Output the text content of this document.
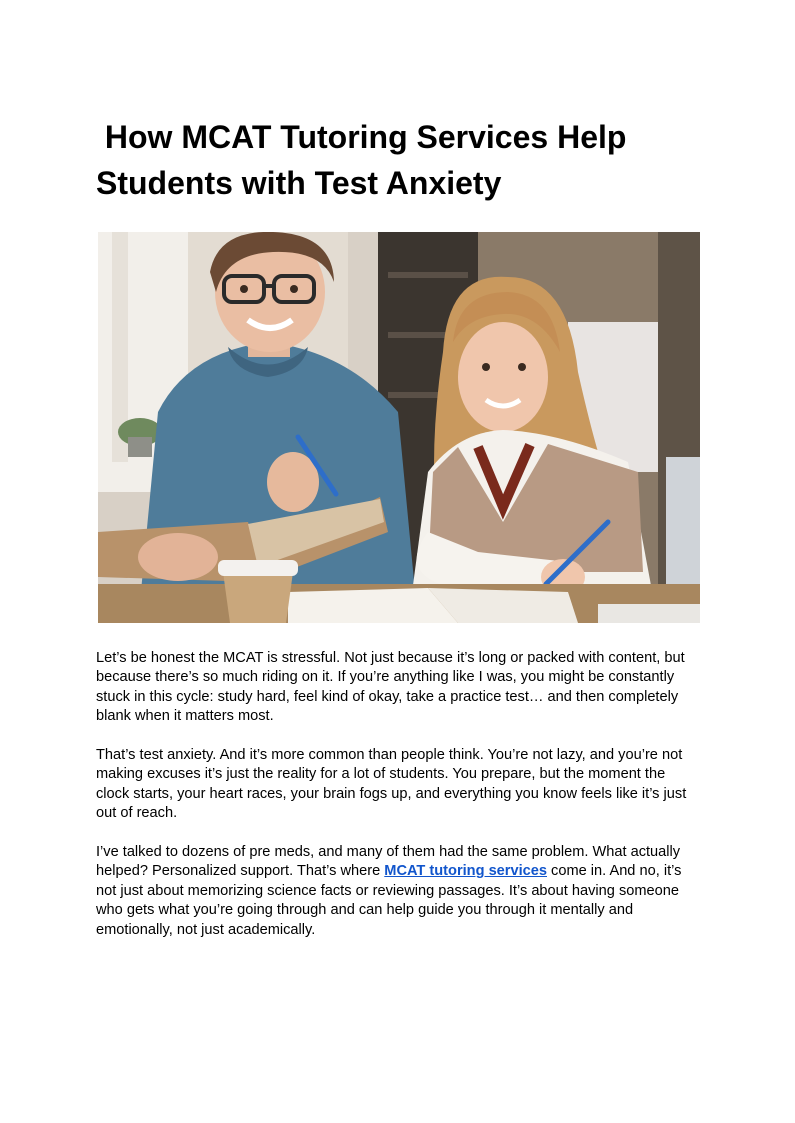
How MCAT Tutoring Services Help Students with Test Anxiety

Let’s be honest the MCAT is stressful. Not just because it’s long or packed with content, but because there’s so much riding on it. If you’re anything like I was, you might be constantly stuck in this cycle: study hard, feel kind of okay, take a practice test… and then completely blank when it matters most.

That’s test anxiety. And it’s more common than people think. You’re not lazy, and you’re not making excuses it’s just the reality for a lot of students. You prepare, but the moment the clock starts, your heart races, your brain fogs up, and everything you know feels like it’s just out of reach.

I’ve talked to dozens of pre meds, and many of them had the same problem. What actually helped? Personalized support. That’s where MCAT tutoring services come in. And no, it’s not just about memorizing science facts or reviewing passages. It’s about having someone who gets what you’re going through and can help guide you through it mentally and emotionally, not just academically.
